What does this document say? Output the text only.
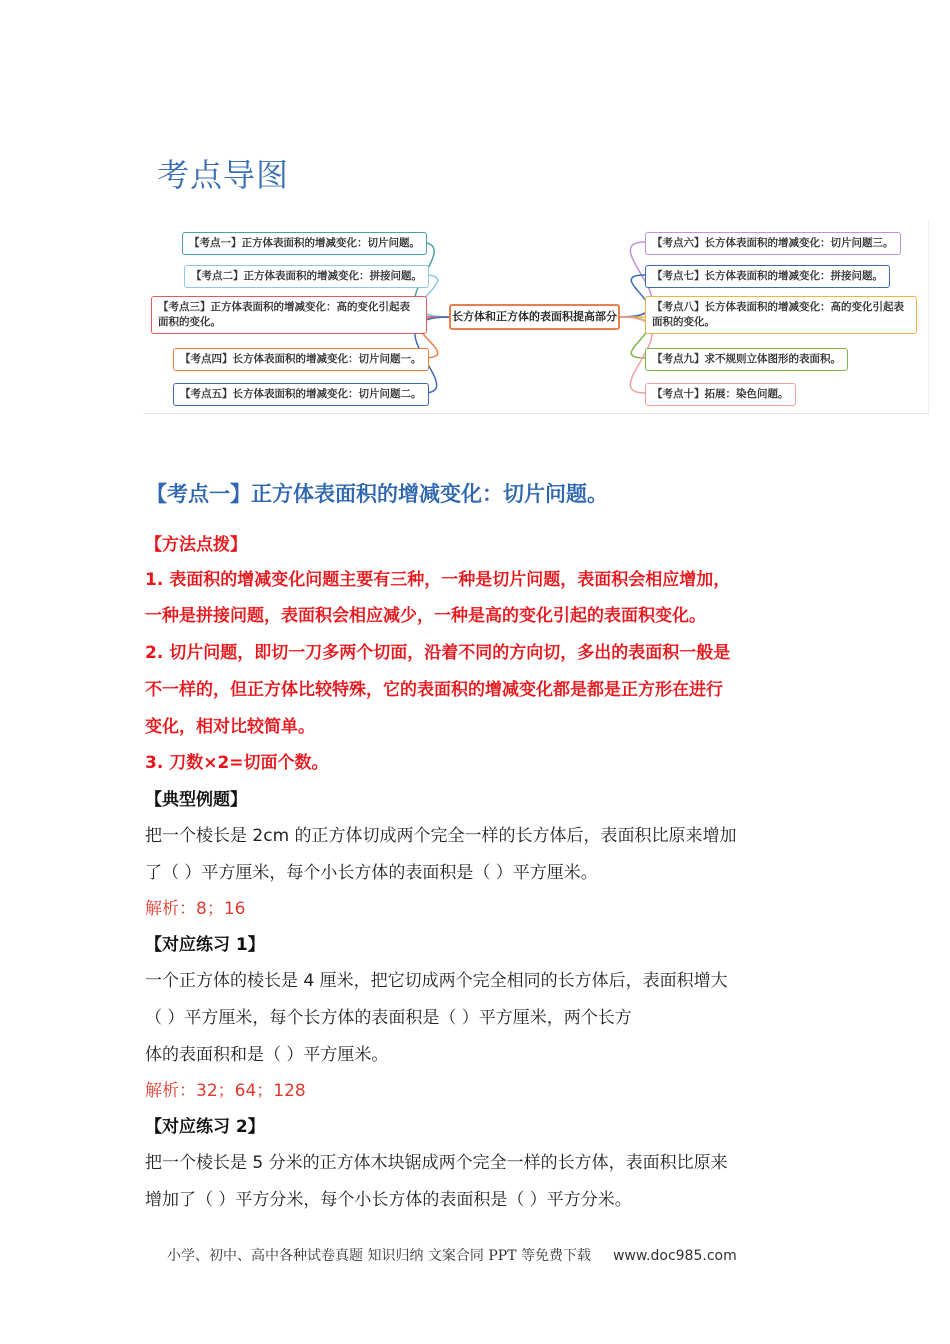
考点导图
【考点一】正方体表面积的增减变化：切片问题。
【考点二】正方体表面积的增减变化：拼接问题。
【考点三】正方体表面积的增减变化：高的变化引起表面积的变化。
【考点四】长方体表面积的增减变化：切片问题一。
【考点五】长方体表面积的增减变化：切片问题二。
长方体和正方体的表面积提高部分
【考点六】长方体表面积的增减变化：切片问题三。
【考点七】长方体表面积的增减变化：拼接问题。
【考点八】长方体表面积的增减变化：高的变化引起表面积的变化。
【考点九】求不规则立体图形的表面积。
【考点十】拓展：染色问题。
【考点一】正方体表面积的增减变化：切片问题。
【方法点拨】
1. 表面积的增减变化问题主要有三种，一种是切片问题，表面积会相应增加，
一种是拼接问题，表面积会相应减少，一种是高的变化引起的表面积变化。
2. 切片问题，即切一刀多两个切面，沿着不同的方向切，多出的表面积一般是
不一样的，但正方体比较特殊，它的表面积的增减变化都是都是正方形在进行
变化，相对比较简单。
3. 刀数×2=切面个数。
【典型例题】
把一个棱长是 2cm 的正方体切成两个完全一样的长方体后，表面积比原来增加
了（ ）平方厘米，每个小长方体的表面积是（ ）平方厘米。
解析：8；16
【对应练习 1】
一个正方体的棱长是 4 厘米，把它切成两个完全相同的长方体后，表面积增大
（ ）平方厘米，每个长方体的表面积是（ ）平方厘米，两个长方
体的表面积和是（ ）平方厘米。
解析：32；64；128
【对应练习 2】
把一个棱长是 5 分米的正方体木块锯成两个完全一样的长方体，表面积比原来
增加了（ ）平方分米，每个小长方体的表面积是（ ）平方分米。
小学、初中、高中各种试卷真题 知识归纳 文案合同 PPT 等免费下载 www.doc985.com
